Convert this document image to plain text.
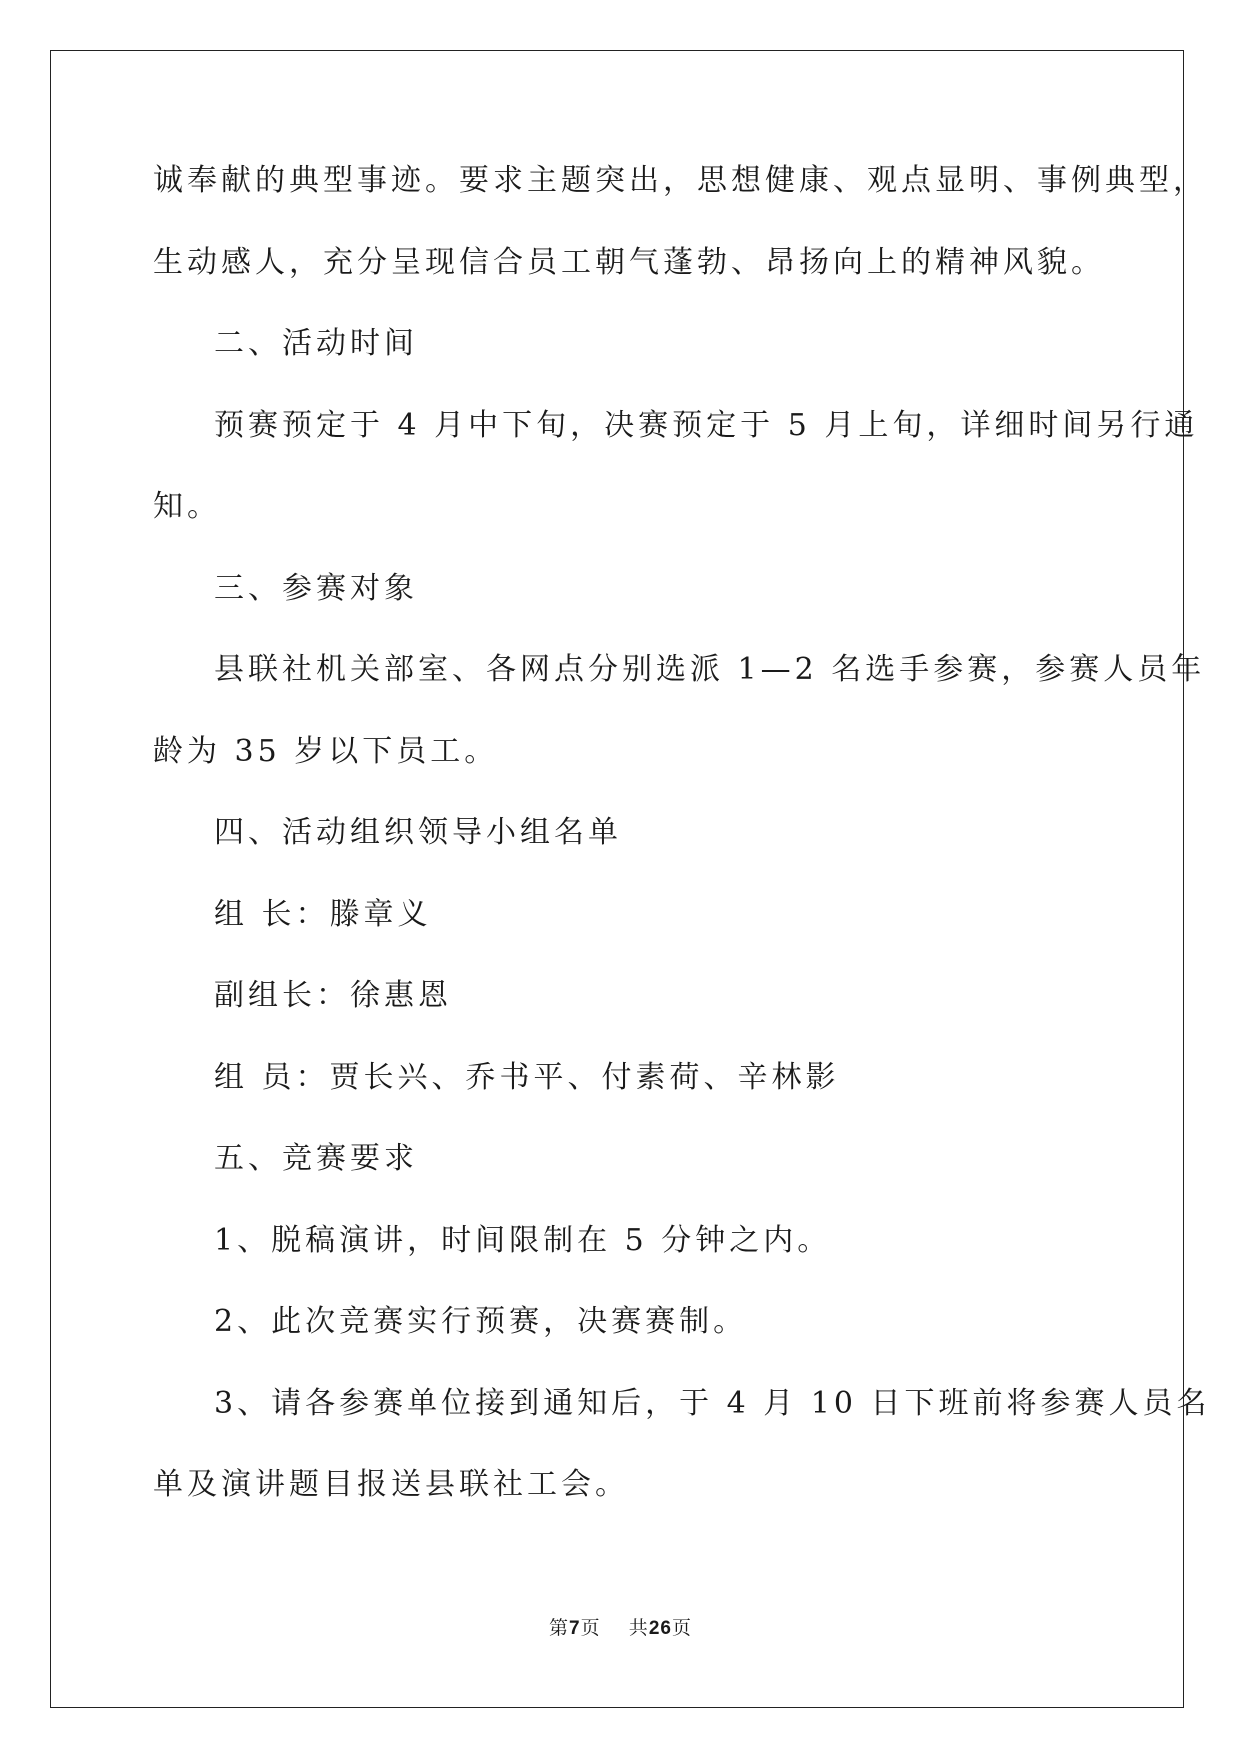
诚奉献的典型事迹。要求主题突出，思想健康、观点显明、事例典型，
生动感人，充分呈现信合员工朝气蓬勃、昂扬向上的精神风貌。
二、活动时间
预赛预定于 4 月中下旬，决赛预定于 5 月上旬，详细时间另行通
知。
三、参赛对象
县联社机关部室、各网点分别选派 1—2 名选手参赛，参赛人员年
龄为 35 岁以下员工。
四、活动组织领导小组名单
组 长：滕章义
副组长：徐惠恩
组 员：贾长兴、乔书平、付素荷、辛林影
五、竞赛要求
1、脱稿演讲，时间限制在 5 分钟之内。
2、此次竞赛实行预赛，决赛赛制。
3、请各参赛单位接到通知后，于 4 月 10 日下班前将参赛人员名
单及演讲题目报送县联社工会。
第7页 共26页
